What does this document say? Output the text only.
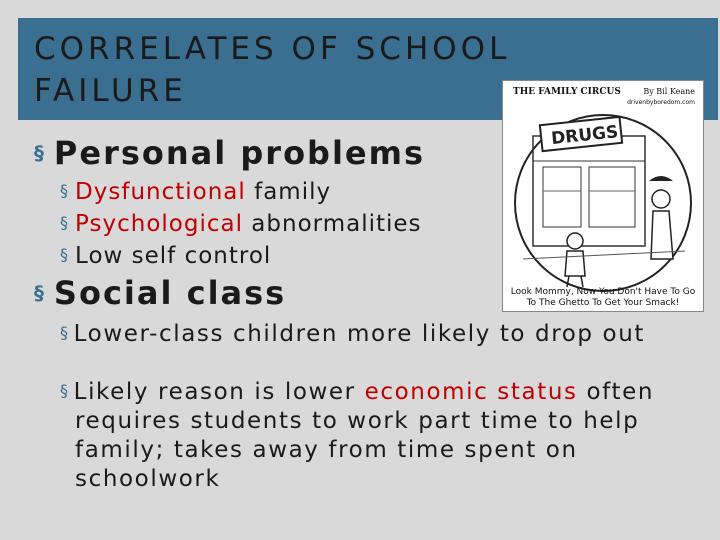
CORRELATES OF SCHOOL
FAILURE
§ Personal problems
§ Dysfunctional family
§ Psychological abnormalities
§ Low self control
§ Social class
§ Lower-class children more likely to drop out
§ Likely reason is lower economic status often requires students to work part time to help family; takes away from time spent on schoolwork
THE FAMILY CIRCUS	By Bil Keane
drivenbyboredom.com
DRUGS
Look Mommy, Now You Don't Have To Go
To The Ghetto To Get Your Smack!
